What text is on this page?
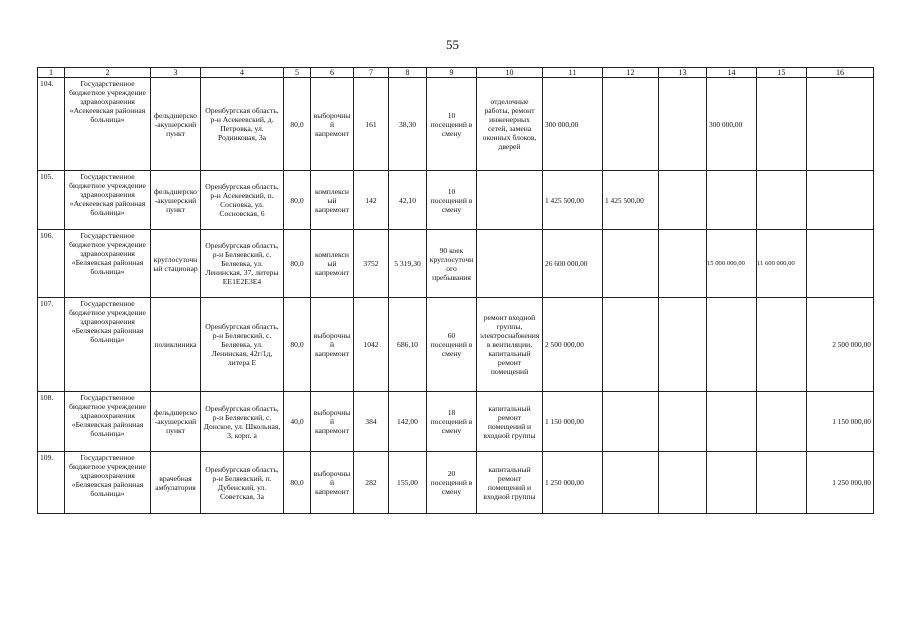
55
1	2	3	4	5	6	7	8	9	10	11	12	13	14	15	16
104.	Государственное бюджетное учреждение здравоохранения «Асекеевская районная больница»	фельдшерско-акушерский пункт	Оренбургская область, р-н Асекеевский, д. Петровка, ул. Родниковая, 3а	80,0	выборочный капремонт	161	38,30	10 посещений в смену	отделочные работы, ремонт инженерных сетей, замена оконных блоков, дверей	300 000,00			300 000,00		
105.	Государственное бюджетное учреждение здравоохранения «Асекеевская районная больница»	фельдшерско-акушерский пункт	Оренбургская область, р-н Асекеевский, п. Сосновка, ул. Сосновская, 6	80,0	комплексный капремонт	142	42,10	10 посещений в смену		1 425 500,00	1 425 500,00				
106.	Государственное бюджетное учреждение здравоохранения «Беляевская районная больница»	круглосуточный стационар	Оренбургская область, р-н Беляевский, с. Беляевка, ул. Ленинская, 37, литеры ЕЕ1Е2Е3Е4	80,0	комплексный капремонт	3752	5 319,30	90 коек круглосуточного пребывания		26 600 000,00			15 000 000,00	11 600 000,00	
107.	Государственное бюджетное учреждение здравоохранения «Беляевская районная больница»	поликлиника	Оренбургская область, р-н Беляевский, с. Беляевка, ул. Ленинская, 42г/1д, литера Е	80,0	выборочный капремонт	1042	686,10	60 посещений в смену	ремонт входной группы, электроснабжения в вентиляции, капитальный ремонт помещений	2 500 000,00					2 500 000,00
108.	Государственное бюджетное учреждение здравоохранения «Беляевская районная больница»	фельдшерско-акушерский пункт	Оренбургская область, р-н Беляевский, с. Донское, ул. Школьная, 3, корп. а	40,0	выборочный капремонт	384	142,00	18 посещений в смену	капитальный ремонт помещений и входной группы	1 150 000,00					1 150 000,00
109.	Государственное бюджетное учреждение здравоохранения «Беляевская районная больница»	врачебная амбулатория	Оренбургская область, р-н Беляевский, п. Дубенский, ул. Советская, 3а	80,0	выборочный капремонт	282	155,00	20 посещений в смену	капитальный ремонт помещений и входной группы	1 250 000,00					1 250 000,00
